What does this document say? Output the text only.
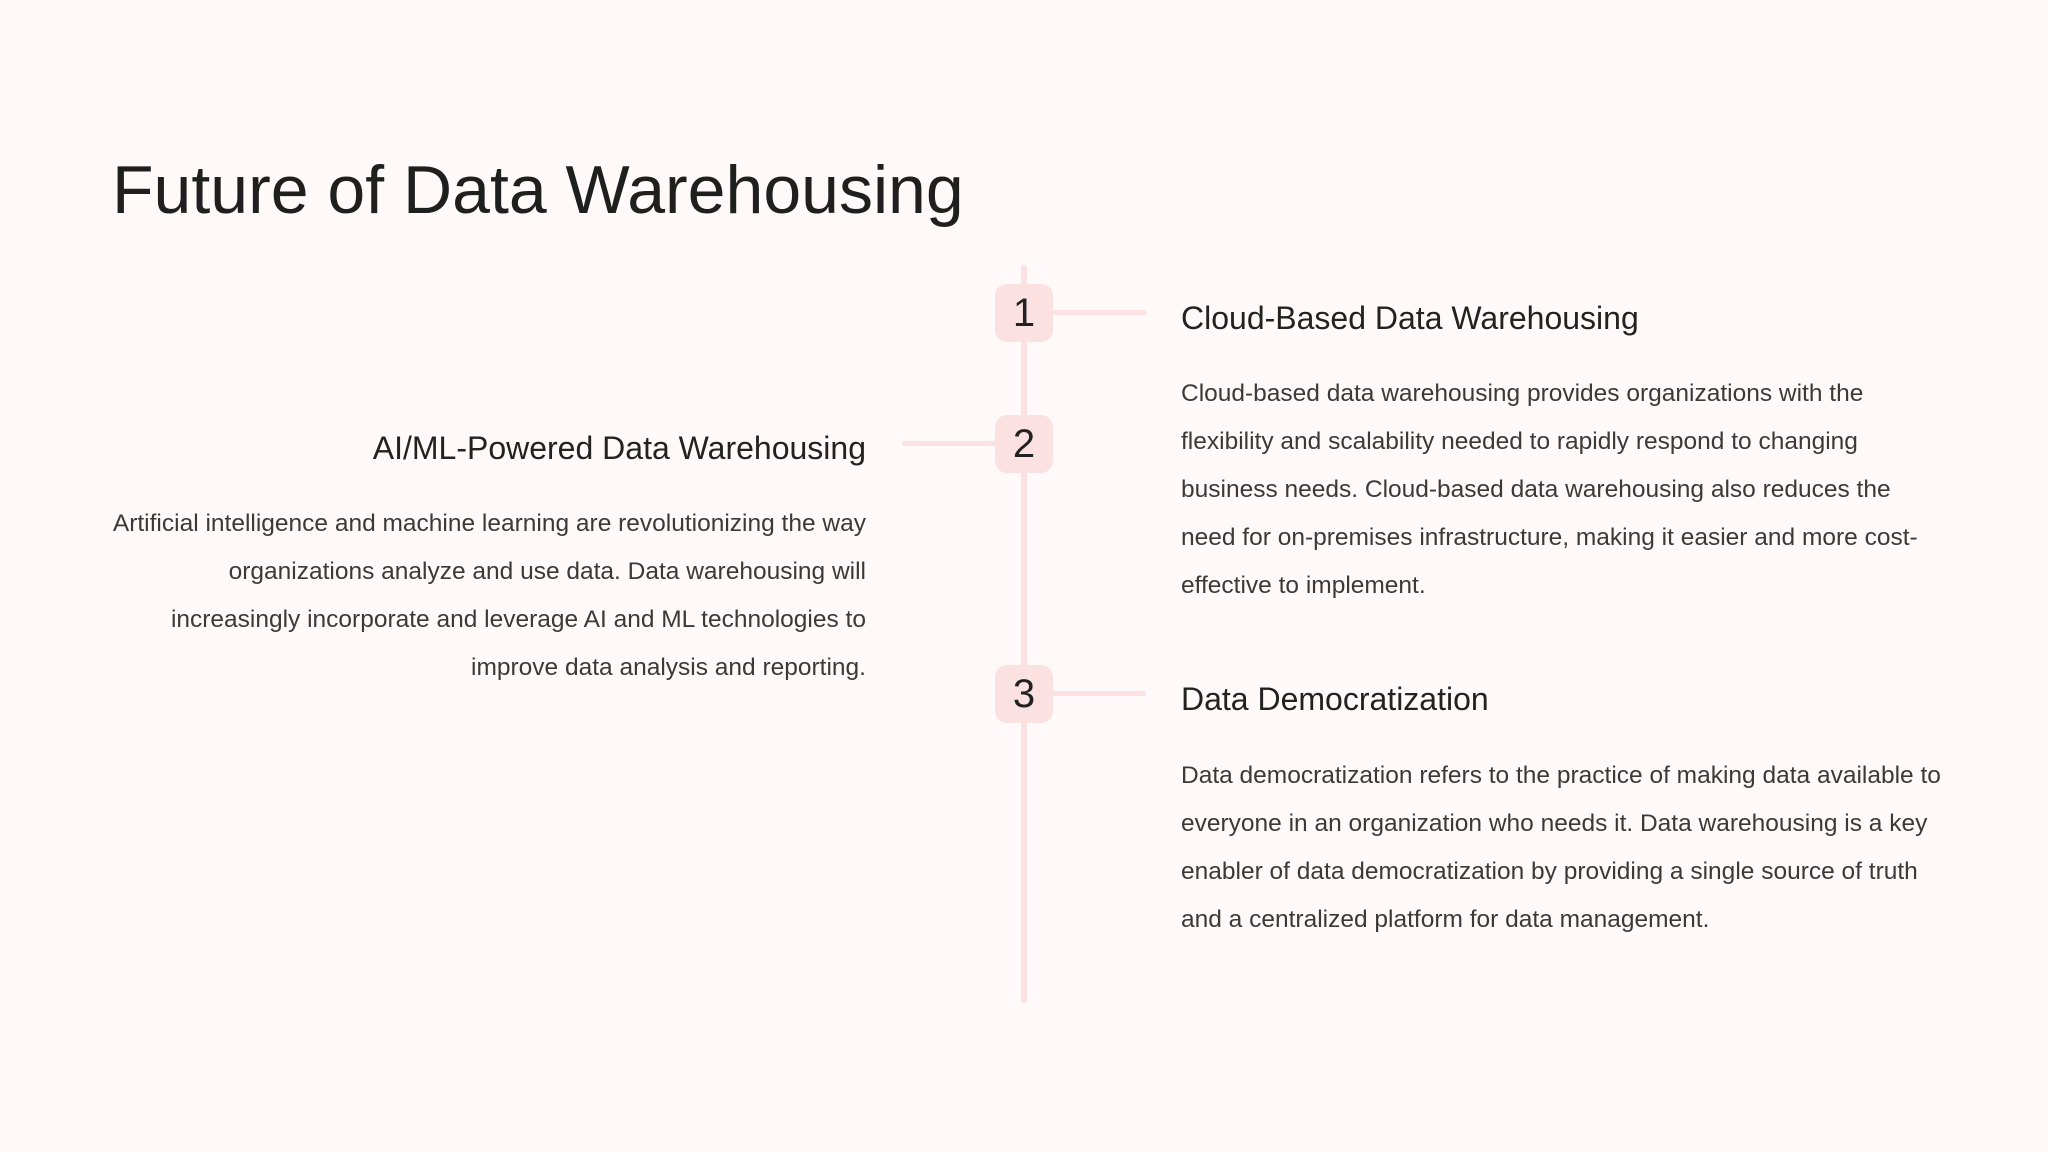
Future of Data Warehousing
1	Cloud-Based Data Warehousing

Cloud-based data warehousing provides organizations with the flexibility and scalability needed to rapidly respond to changing business needs. Cloud-based data warehousing also reduces the need for on-premises infrastructure, making it easier and more cost-effective to implement.

2
AI/ML-Powered Data Warehousing

Artificial intelligence and machine learning are revolutionizing the way organizations analyze and use data. Data warehousing will increasingly incorporate and leverage AI and ML technologies to improve data analysis and reporting.

3	Data Democratization

Data democratization refers to the practice of making data available to everyone in an organization who needs it. Data warehousing is a key enabler of data democratization by providing a single source of truth and a centralized platform for data management.
